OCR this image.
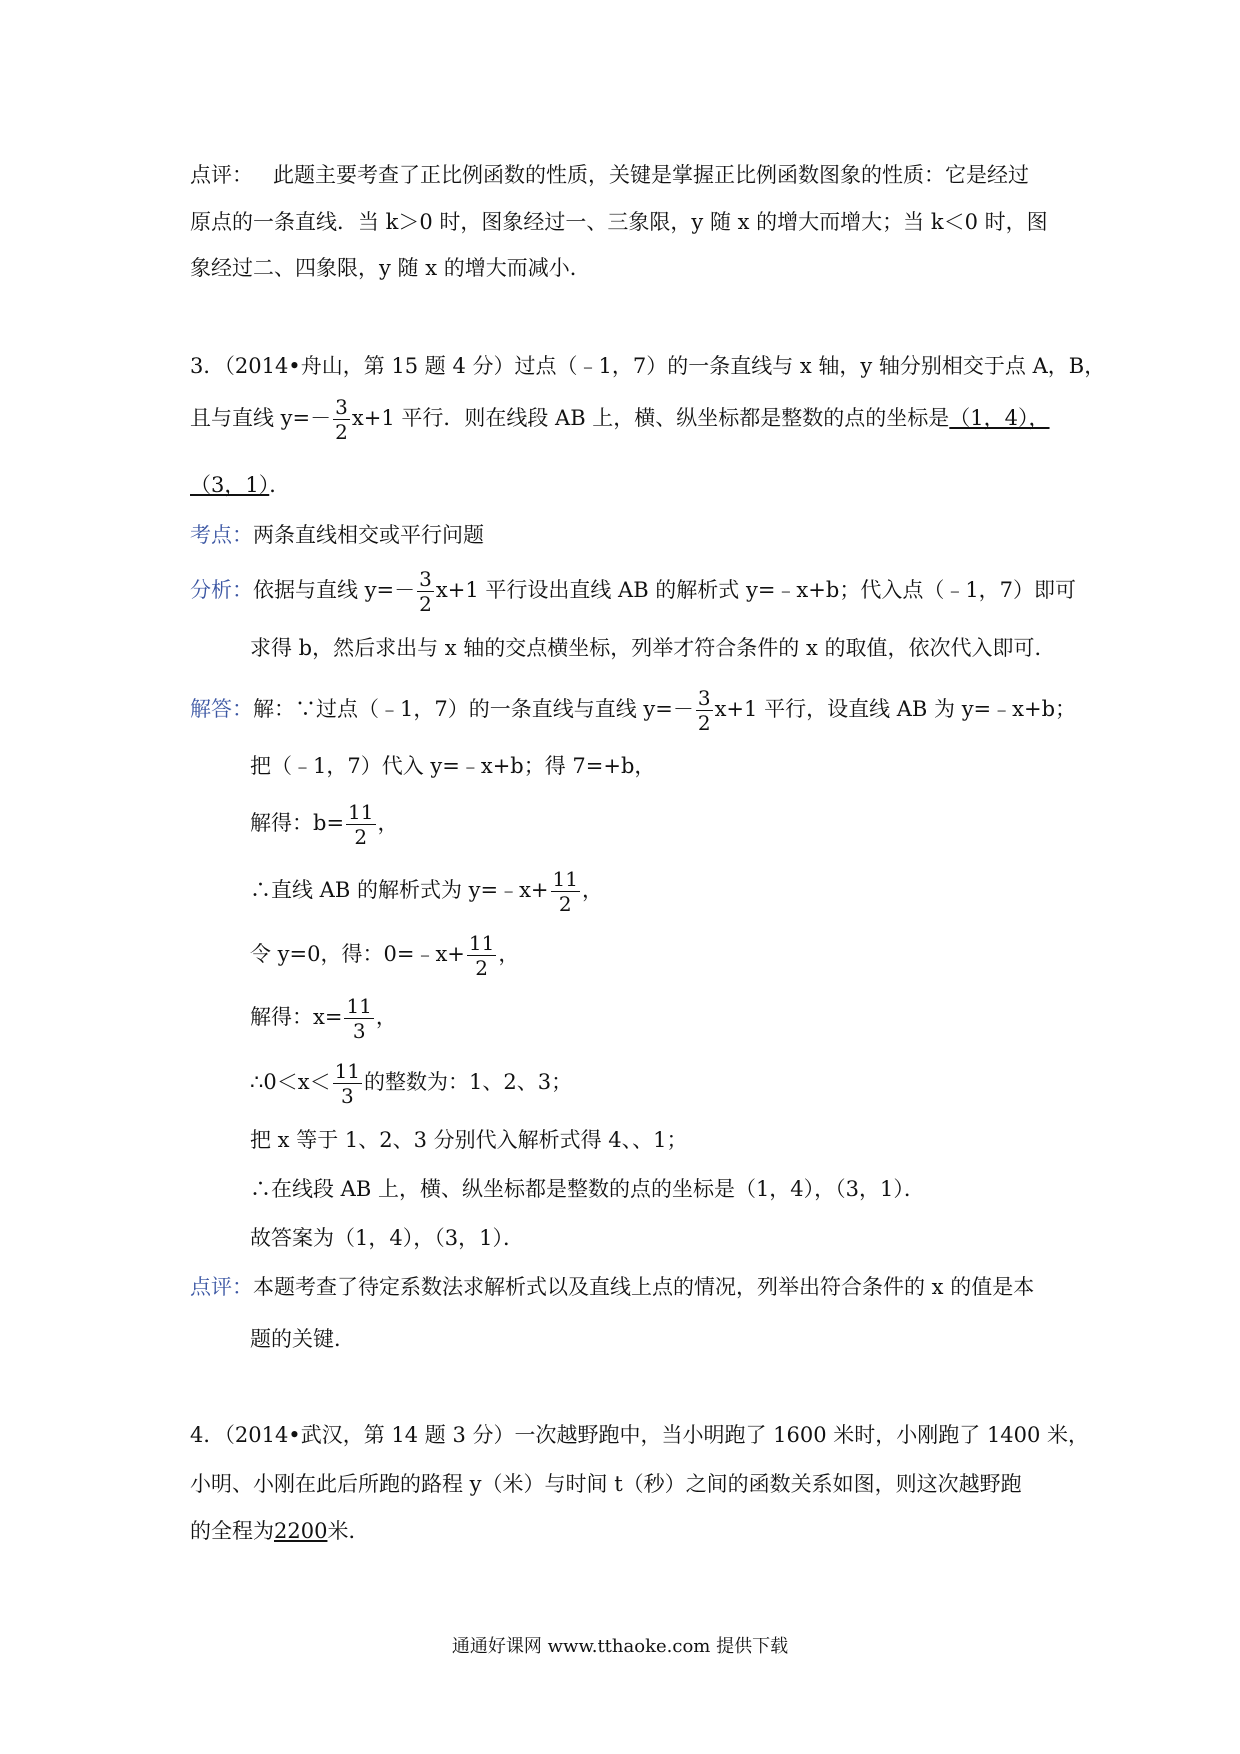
点评： 此题主要考查了正比例函数的性质，关键是掌握正比例函数图象的性质：它是经过
原点的一条直线．当 k＞0 时，图象经过一、三象限，y 随 x 的增大而增大；当 k＜0 时，图
象经过二、四象限，y 随 x 的增大而减小．
3．（2014•舟山，第 15 题 4 分）过点（﹣1，7）的一条直线与 x 轴，y 轴分别相交于点 A，B，
且与直线 $y=- \frac{3}{2} x+1$ 平行．则在线段 AB 上，横、纵坐标都是整数的点的坐标是（1，4），
（3，1）．
考点：两条直线相交或平行问题
分析：依据与直线 $y=- \frac{3}{2} x+1$ 平行设出直线 AB 的解析式 y=﹣x+b；代入点（﹣1，7）即可
求得 b，然后求出与 x 轴的交点横坐标，列举才符合条件的 x 的取值，依次代入即可．
解答：解：∵过点（﹣1，7）的一条直线与直线 $y=- \frac{3}{2} x+1$ 平行，设直线 AB 为 y=﹣x+b；
把（﹣1，7）代入 y=﹣x+b；得 7=+b，
解得：$b= \frac{11}{2}$ ，
∴直线 AB 的解析式为 y=﹣x+ $\frac{11}{2}$ ，
令 y=0，得：0=﹣x+ $\frac{11}{2}$ ，
解得：$x= \frac{11}{3}$ ，
∴0＜x＜ $\frac{11}{3}$ 的整数为：1、2、3；
把 x 等于 1、2、3 分别代入解析式得 4、、1；
∴在线段 AB 上，横、纵坐标都是整数的点的坐标是（1，4），（3，1）．
故答案为（1，4），（3，1）．
点评：本题考查了待定系数法求解析式以及直线上点的情况，列举出符合条件的 x 的值是本
题的关键．
4．（2014•武汉，第 14 题 3 分）一次越野跑中，当小明跑了 1600 米时，小刚跑了 1400 米，
小明、小刚在此后所跑的路程 y（米）与时间 t（秒）之间的函数关系如图，则这次越野跑
的全程为2200米．
通通好课网 www.tthaoke.com 提供下载
